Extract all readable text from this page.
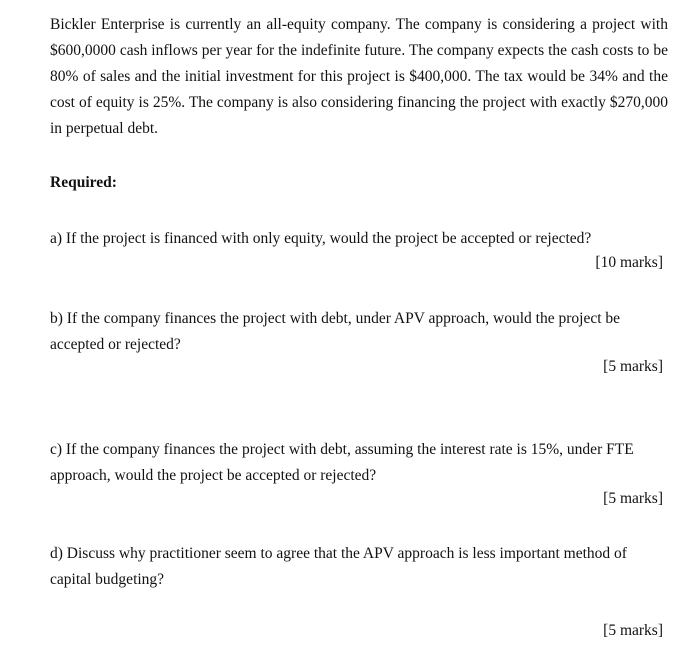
Bickler Enterprise is currently an all-equity company. The company is considering a project with $600,0000 cash inflows per year for the indefinite future. The company expects the cash costs to be 80% of sales and the initial investment for this project is $400,000. The tax would be 34% and the cost of equity is 25%. The company is also considering financing the project with exactly $270,000 in perpetual debt.

Required:

a) If the project is financed with only equity, would the project be accepted or rejected?

[10 marks]

b) If the company finances the project with debt, under APV approach, would the project be accepted or rejected?

[5 marks]

c) If the company finances the project with debt, assuming the interest rate is 15%, under FTE approach, would the project be accepted or rejected?

[5 marks]

d) Discuss why practitioner seem to agree that the APV approach is less important method of capital budgeting?

[5 marks]
